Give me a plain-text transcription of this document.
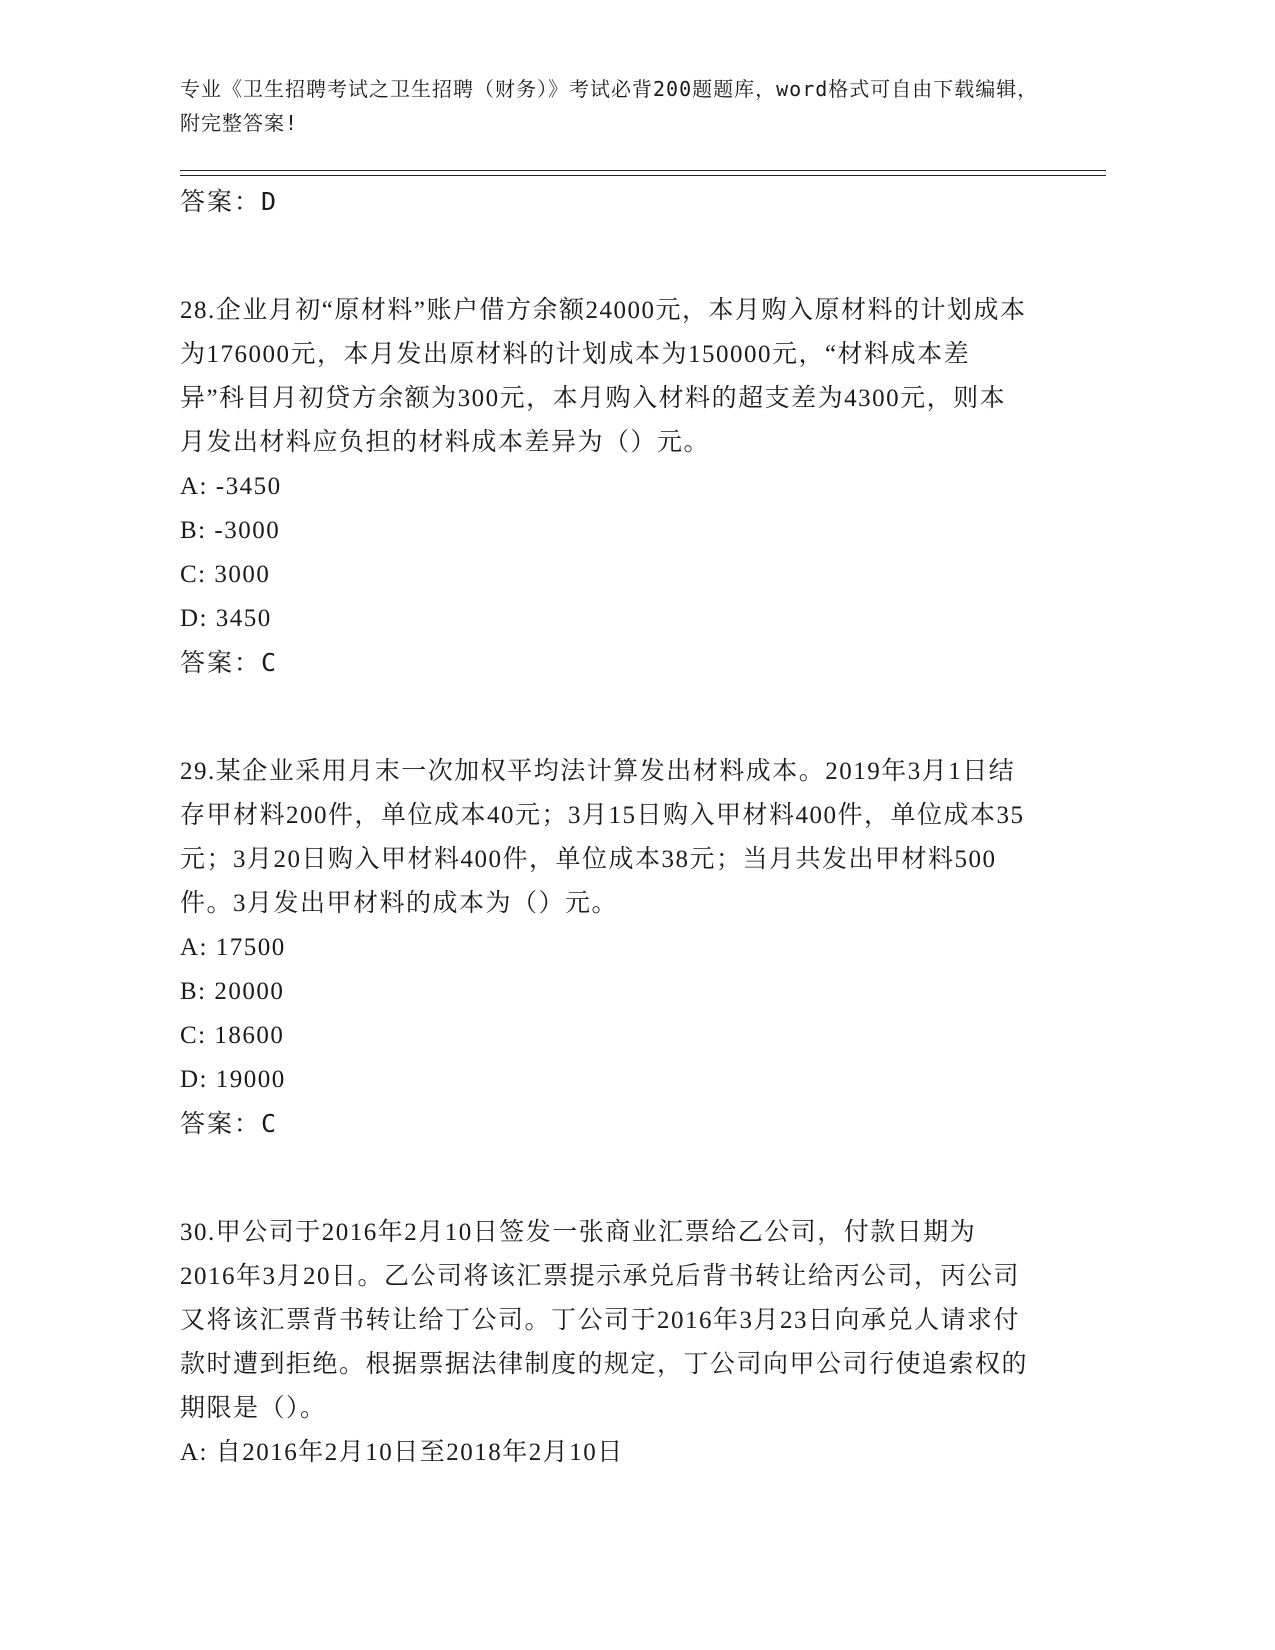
专业《卫生招聘考试之卫生招聘（财务）》考试必背200题题库，word格式可自由下载编辑，附完整答案!
答案：D

28.企业月初“原材料”账户借方余额24000元，本月购入原材料的计划成本为176000元，本月发出原材料的计划成本为150000元，“材料成本差异”科目月初贷方余额为300元，本月购入材料的超支差为4300元，则本月发出材料应负担的材料成本差异为（）元。

A: -3450
B: -3000
C: 3000
D: 3450
答案：C

29.某企业采用月末一次加权平均法计算发出材料成本。2019年3月1日结存甲材料200件，单位成本40元；3月15日购入甲材料400件，单位成本35元；3月20日购入甲材料400件，单位成本38元；当月共发出甲材料500件。3月发出甲材料的成本为（）元。

A: 17500
B: 20000
C: 18600
D: 19000
答案：C

30.甲公司于2016年2月10日签发一张商业汇票给乙公司，付款日期为2016年3月20日。乙公司将该汇票提示承兑后背书转让给丙公司，丙公司又将该汇票背书转让给丁公司。丁公司于2016年3月23日向承兑人请求付款时遭到拒绝。根据票据法律制度的规定，丁公司向甲公司行使追索权的期限是（）。

A: 自2016年2月10日至2018年2月10日
